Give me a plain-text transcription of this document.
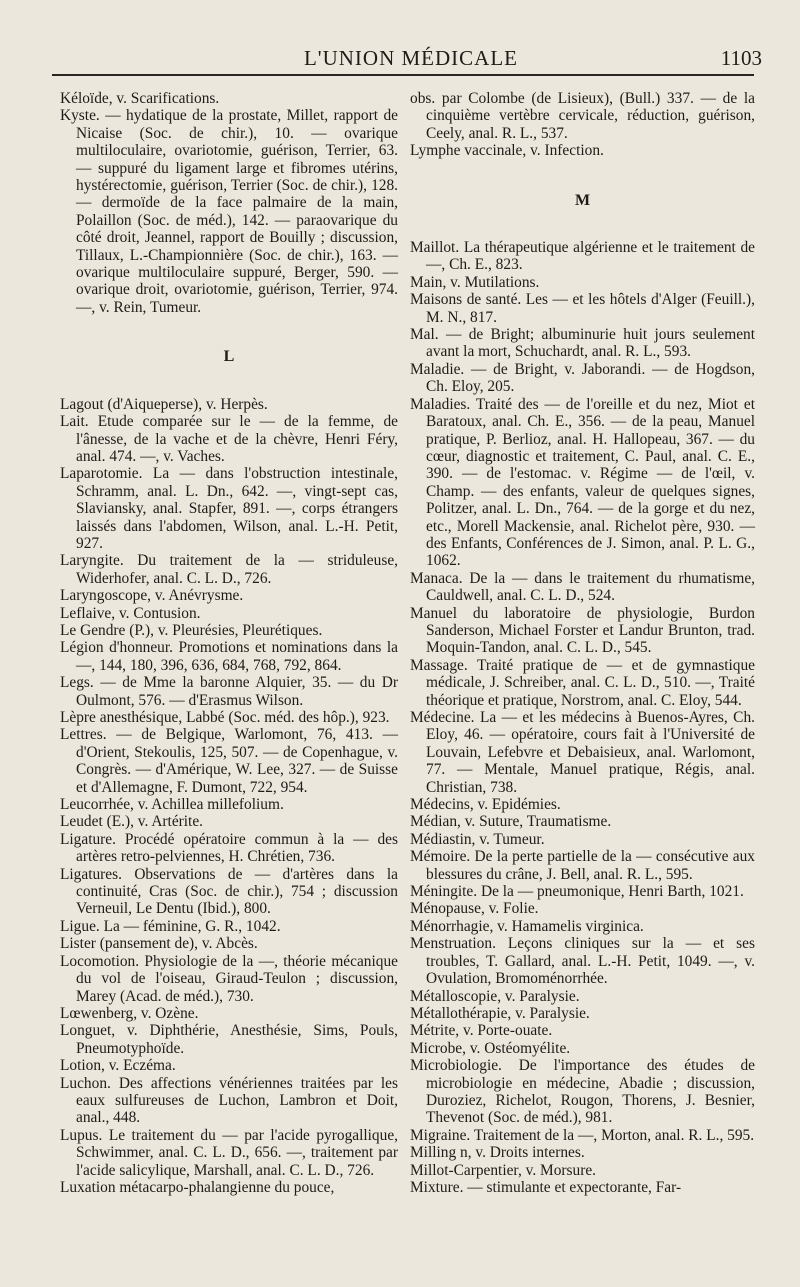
L'UNION MÉDICALE	1103
Kéloïde, v. Scarifications.
Kyste. — hydatique de la prostate, Millet, rapport de Nicaise (Soc. de chir.), 10. — ovarique multiloculaire, ovariotomie, guérison, Terrier, 63. — suppuré du ligament large et fibromes utérins, hystérectomie, guérison, Terrier (Soc. de chir.), 128. — dermoïde de la face palmaire de la main, Polaillon (Soc. de méd.), 142. — paraovarique du côté droit, Jeannel, rapport de Bouilly ; discussion, Tillaux, L.-Championnière (Soc. de chir.), 163. — ovarique multiloculaire suppuré, Berger, 590. — ovarique droit, ovariotomie, guérison, Terrier, 974. —, v. Rein, Tumeur.
L
Lagout (d'Aiqueperse), v. Herpès.
Lait. Etude comparée sur le — de la femme, de l'ânesse, de la vache et de la chèvre, Henri Féry, anal. 474. —, v. Vaches.
Laparotomie. La — dans l'obstruction intestinale, Schramm, anal. L. Dn., 642. —, vingt-sept cas, Slaviansky, anal. Stapfer, 891. —, corps étrangers laissés dans l'abdomen, Wilson, anal. L.-H. Petit, 927.
Laryngite. Du traitement de la — striduleuse, Widerhofer, anal. C. L. D., 726.
Laryngoscope, v. Anévrysme.
Leflaive, v. Contusion.
Le Gendre (P.), v. Pleurésies, Pleurétiques.
Légion d'honneur. Promotions et nominations dans la —, 144, 180, 396, 636, 684, 768, 792, 864.
Legs. — de Mme la baronne Alquier, 35. — du Dr Oulmont, 576. — d'Erasmus Wilson.
Lèpre anesthésique, Labbé (Soc. méd. des hôp.), 923.
Lettres. — de Belgique, Warlomont, 76, 413. — d'Orient, Stekoulis, 125, 507. — de Copenhague, v. Congrès. — d'Amérique, W. Lee, 327. — de Suisse et d'Allemagne, F. Dumont, 722, 954.
Leucorrhée, v. Achillea millefolium.
Leudet (E.), v. Artérite.
Ligature. Procédé opératoire commun à la — des artères retro-pelviennes, H. Chrétien, 736.
Ligatures. Observations de — d'artères dans la continuité, Cras (Soc. de chir.), 754 ; discussion Verneuil, Le Dentu (Ibid.), 800.
Ligue. La — féminine, G. R., 1042.
Lister (pansement de), v. Abcès.
Locomotion. Physiologie de la —, théorie mécanique du vol de l'oiseau, Giraud-Teulon ; discussion, Marey (Acad. de méd.), 730.
Lœwenberg, v. Ozène.
Longuet, v. Diphthérie, Anesthésie, Sims, Pouls, Pneumotyphoïde.
Lotion, v. Eczéma.
Luchon. Des affections vénériennes traitées par les eaux sulfureuses de Luchon, Lambron et Doit, anal., 448.
Lupus. Le traitement du — par l'acide pyrogallique, Schwimmer, anal. C. L. D., 656. —, traitement par l'acide salicylique, Marshall, anal. C. L. D., 726.
Luxation métacarpo-phalangienne du pouce,
obs. par Colombe (de Lisieux), (Bull.) 337. — de la cinquième vertèbre cervicale, réduction, guérison, Ceely, anal. R. L., 537.
Lymphe vaccinale, v. Infection.
M
Maillot. La thérapeutique algérienne et le traitement de —, Ch. E., 823.
Main, v. Mutilations.
Maisons de santé. Les — et les hôtels d'Alger (Feuill.), M. N., 817.
Mal. — de Bright; albuminurie huit jours seulement avant la mort, Schuchardt, anal. R. L., 593.
Maladie. — de Bright, v. Jaborandi. — de Hogdson, Ch. Eloy, 205.
Maladies. Traité des — de l'oreille et du nez, Miot et Baratoux, anal. Ch. E., 356. — de la peau, Manuel pratique, P. Berlioz, anal. H. Hallopeau, 367. — du cœur, diagnostic et traitement, C. Paul, anal. C. E., 390. — de l'estomac. v. Régime — de l'œil, v. Champ. — des enfants, valeur de quelques signes, Politzer, anal. L. Dn., 764. — de la gorge et du nez, etc., Morell Mackensie, anal. Richelot père, 930. — des Enfants, Conférences de J. Simon, anal. P. L. G., 1062.
Manaca. De la — dans le traitement du rhumatisme, Cauldwell, anal. C. L. D., 524.
Manuel du laboratoire de physiologie, Burdon Sanderson, Michael Forster et Landur Brunton, trad. Moquin-Tandon, anal. C. L. D., 545.
Massage. Traité pratique de — et de gymnastique médicale, J. Schreiber, anal. C. L. D., 510. —, Traité théorique et pratique, Norstrom, anal. C. Eloy, 544.
Médecine. La — et les médecins à Buenos-Ayres, Ch. Eloy, 46. — opératoire, cours fait à l'Université de Louvain, Lefebvre et Debaisieux, anal. Warlomont, 77. — Mentale, Manuel pratique, Régis, anal. Christian, 738.
Médecins, v. Epidémies.
Médian, v. Suture, Traumatisme.
Médiastin, v. Tumeur.
Mémoire. De la perte partielle de la — consécutive aux blessures du crâne, J. Bell, anal. R. L., 595.
Méningite. De la — pneumonique, Henri Barth, 1021.
Ménopause, v. Folie.
Ménorrhagie, v. Hamamelis virginica.
Menstruation. Leçons cliniques sur la — et ses troubles, T. Gallard, anal. L.-H. Petit, 1049. —, v. Ovulation, Bromoménorrhée.
Métalloscopie, v. Paralysie.
Métallothérapie, v. Paralysie.
Métrite, v. Porte-ouate.
Microbe, v. Ostéomyélite.
Microbiologie. De l'importance des études de microbiologie en médecine, Abadie ; discussion, Duroziez, Richelot, Rougon, Thorens, J. Besnier, Thevenot (Soc. de méd.), 981.
Migraine. Traitement de la —, Morton, anal. R. L., 595.
Milling n, v. Droits internes.
Millot-Carpentier, v. Morsure.
Mixture. — stimulante et expectorante, Far-
